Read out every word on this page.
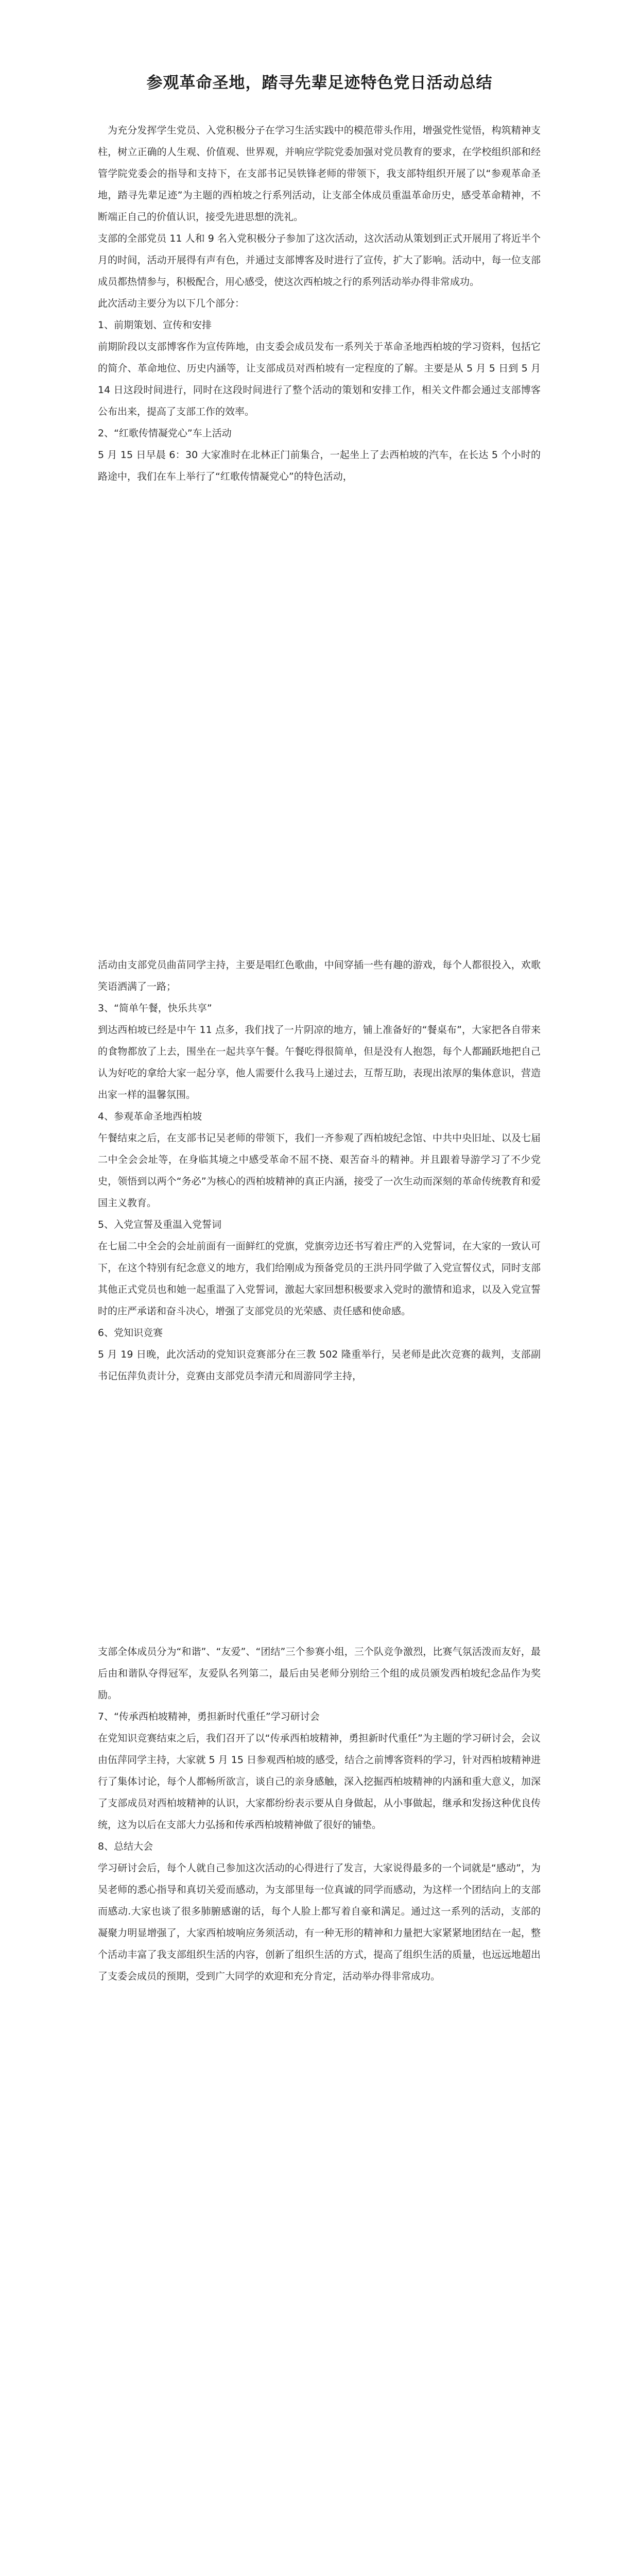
参观革命圣地，踏寻先辈足迹特色党日活动总结

为充分发挥学生党员、入党积极分子在学习生活实践中的模范带头作用，增强党性觉悟，构筑精神支柱，树立正确的人生观、价值观、世界观，并响应学院党委加强对党员教育的要求，在学校组织部和经管学院党委会的指导和支持下，在支部书记吴铁锋老师的带领下，我支部特组织开展了以“参观革命圣地，踏寻先辈足迹”为主题的西柏坡之行系列活动，让支部全体成员重温革命历史，感受革命精神，不断端正自己的价值认识，接受先进思想的洗礼。

支部的全部党员 11 人和 9 名入党积极分子参加了这次活动，这次活动从策划到正式开展用了将近半个月的时间，活动开展得有声有色，并通过支部博客及时进行了宣传，扩大了影响。活动中，每一位支部成员都热情参与，积极配合，用心感受，使这次西柏坡之行的系列活动举办得非常成功。

此次活动主要分为以下几个部分：

1、前期策划、宣传和安排

前期阶段以支部博客作为宣传阵地，由支委会成员发布一系列关于革命圣地西柏坡的学习资料，包括它的简介、革命地位、历史内涵等，让支部成员对西柏坡有一定程度的了解。主要是从 5 月 5 日到 5 月 14 日这段时间进行，同时在这段时间进行了整个活动的策划和安排工作，相关文件都会通过支部博客公布出来，提高了支部工作的效率。

2、“红歌传情凝党心”车上活动

5 月 15 日早晨 6：30 大家准时在北林正门前集合，一起坐上了去西柏坡的汽车，在长达 5 个小时的路途中，我们在车上举行了“红歌传情凝党心”的特色活动，

活动由支部党员曲苗同学主持，主要是唱红色歌曲，中间穿插一些有趣的游戏，每个人都很投入，欢歌笑语洒满了一路；

3、“简单午餐，快乐共享”

到达西柏坡已经是中午 11 点多，我们找了一片阴凉的地方，铺上准备好的“餐桌布”，大家把各自带来的食物都放了上去，围坐在一起共享午餐。午餐吃得很简单，但是没有人抱怨，每个人都踊跃地把自己认为好吃的拿给大家一起分享，他人需要什么我马上递过去，互帮互助，表现出浓厚的集体意识，营造出家一样的温馨氛围。

4、参观革命圣地西柏坡

午餐结束之后，在支部书记吴老师的带领下，我们一齐参观了西柏坡纪念馆、中共中央旧址、以及七届二中全会会址等，在身临其境之中感受革命不屈不挠、艰苦奋斗的精神。并且跟着导游学习了不少党史，领悟到以两个“务必”为核心的西柏坡精神的真正内涵，接受了一次生动而深刻的革命传统教育和爱国主义教育。

5、入党宣誓及重温入党誓词

在七届二中全会的会址前面有一面鲜红的党旗，党旗旁边还书写着庄严的入党誓词，在大家的一致认可下，在这个特别有纪念意义的地方，我们给刚成为预备党员的王洪丹同学做了入党宣誓仪式，同时支部其他正式党员也和她一起重温了入党誓词，激起大家回想积极要求入党时的激情和追求，以及入党宣誓时的庄严承诺和奋斗决心，增强了支部党员的光荣感、责任感和使命感。

6、党知识竞赛

5 月 19 日晚，此次活动的党知识竞赛部分在三教 502 隆重举行，吴老师是此次竞赛的裁判，支部副书记伍萍负责计分，竞赛由支部党员李清元和周游同学主持，

支部全体成员分为“和谐”、“友爱”、“团结”三个参赛小组，三个队竞争激烈，比赛气氛活泼而友好，最后由和谐队夺得冠军，友爱队名列第二，最后由吴老师分别给三个组的成员颁发西柏坡纪念品作为奖励。

7、“传承西柏坡精神，勇担新时代重任”学习研讨会

在党知识竞赛结束之后，我们召开了以“传承西柏坡精神，勇担新时代重任”为主题的学习研讨会，会议由伍萍同学主持，大家就 5 月 15 日参观西柏坡的感受，结合之前博客资料的学习，针对西柏坡精神进行了集体讨论，每个人都畅所欲言，谈自己的亲身感触，深入挖掘西柏坡精神的内涵和重大意义，加深了支部成员对西柏坡精神的认识，大家都纷纷表示要从自身做起，从小事做起，继承和发扬这种优良传统，这为以后在支部大力弘扬和传承西柏坡精神做了很好的铺垫。

8、总结大会

学习研讨会后，每个人就自己参加这次活动的心得进行了发言，大家说得最多的一个词就是“感动”，为吴老师的悉心指导和真切关爱而感动，为支部里每一位真诚的同学而感动，为这样一个团结向上的支部而感动.大家也谈了很多肺腑感谢的话，每个人脸上都写着自豪和满足。通过这一系列的活动，支部的凝聚力明显增强了，大家西柏坡响应务须活动，有一种无形的精神和力量把大家紧紧地团结在一起，整个活动丰富了我支部组织生活的内容，创新了组织生活的方式，提高了组织生活的质量，也远远地超出了支委会成员的预期，受到广大同学的欢迎和充分肯定，活动举办得非常成功。
